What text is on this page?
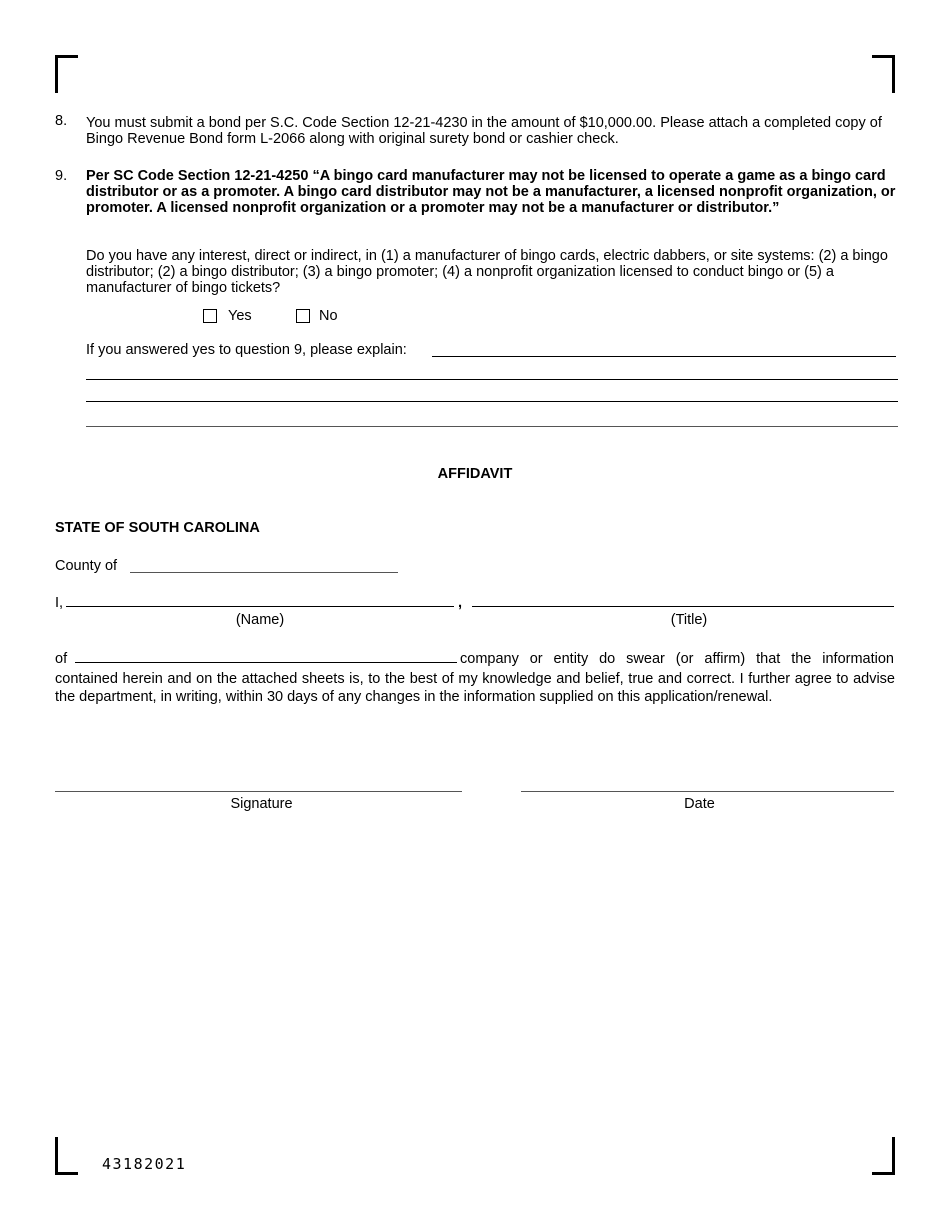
8. You must submit a bond per S.C. Code Section 12-21-4230 in the amount of $10,000.00. Please attach a completed copy of Bingo Revenue Bond form L-2066 along with original surety bond or cashier check.
9. Per SC Code Section 12-21-4250 “A bingo card manufacturer may not be licensed to operate a game as a bingo card distributor or as a promoter. A bingo card distributor may not be a manufacturer, a licensed nonprofit organization, or promoter. A licensed nonprofit organization or a promoter may not be a manufacturer or distributor.”
Do you have any interest, direct or indirect, in (1) a manufacturer of bingo cards, electric dabbers, or site systems: (2) a bingo distributor; (2) a bingo distributor; (3) a bingo promoter; (4) a nonprofit organization licensed to conduct bingo or (5) a manufacturer of bingo tickets?
Yes	No
If you answered yes to question 9, please explain:
AFFIDAVIT
STATE OF SOUTH CAROLINA
County of
I,	,
(Name)	(Title)
of	company or entity do swear (or affirm) that the information
contained herein and on the attached sheets is, to the best of my knowledge and belief, true and correct. I further agree to advise the department, in writing, within 30 days of any changes in the information supplied on this application/renewal.
Signature	Date
43182021
